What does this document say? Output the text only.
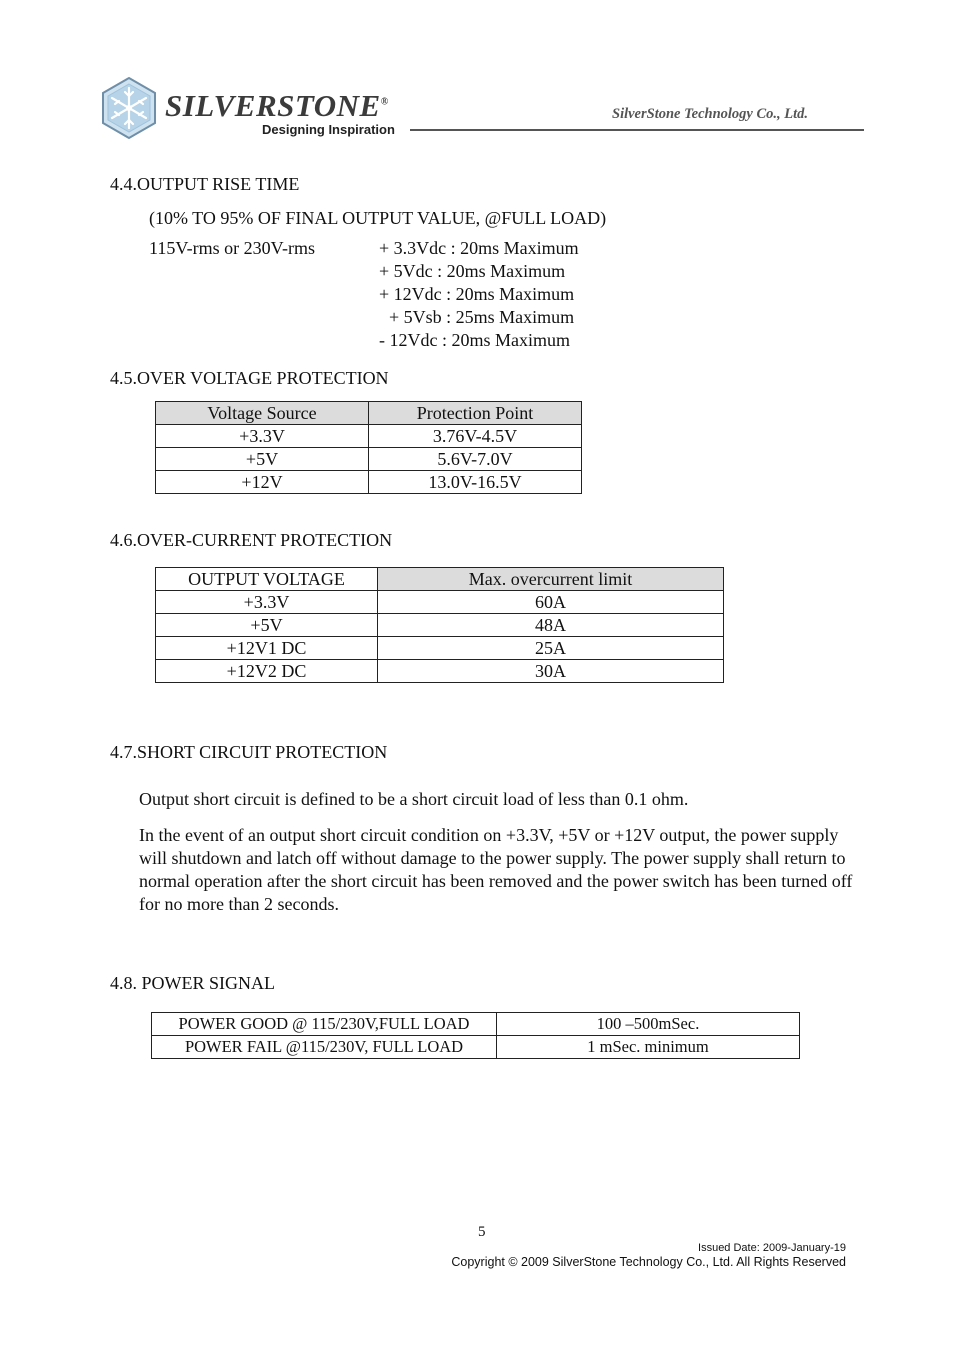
SILVERSTONE®
Designing Inspiration
SilverStone Technology Co., Ltd.
4.4.OUTPUT RISE TIME
(10% TO 95% OF FINAL OUTPUT VALUE, @FULL LOAD)
115V-rms or 230V-rms	+ 3.3Vdc : 20ms Maximum
+ 5Vdc : 20ms Maximum
+ 12Vdc : 20ms Maximum
+ 5Vsb : 25ms Maximum
- 12Vdc : 20ms Maximum
4.5.OVER VOLTAGE PROTECTION
Voltage Source	Protection Point
+3.3V	3.76V-4.5V
+5V	5.6V-7.0V
+12V	13.0V-16.5V
4.6.OVER-CURRENT PROTECTION
OUTPUT VOLTAGE	Max. overcurrent limit
+3.3V	60A
+5V	48A
+12V1 DC	25A
+12V2 DC	30A
4.7.SHORT CIRCUIT PROTECTION
Output short circuit is defined to be a short circuit load of less than 0.1 ohm.
In the event of an output short circuit condition on +3.3V, +5V or +12V output, the power supply
will shutdown and latch off without damage to the power supply. The power supply shall return to
normal operation after the short circuit has been removed and the power switch has been turned off
for no more than 2 seconds.
4.8. POWER SIGNAL
POWER GOOD @ 115/230V,FULL LOAD	100 –500mSec.
POWER FAIL @115/230V, FULL LOAD	1 mSec. minimum
5
Issued Date: 2009-January-19
Copyright © 2009 SilverStone Technology Co., Ltd. All Rights Reserved
